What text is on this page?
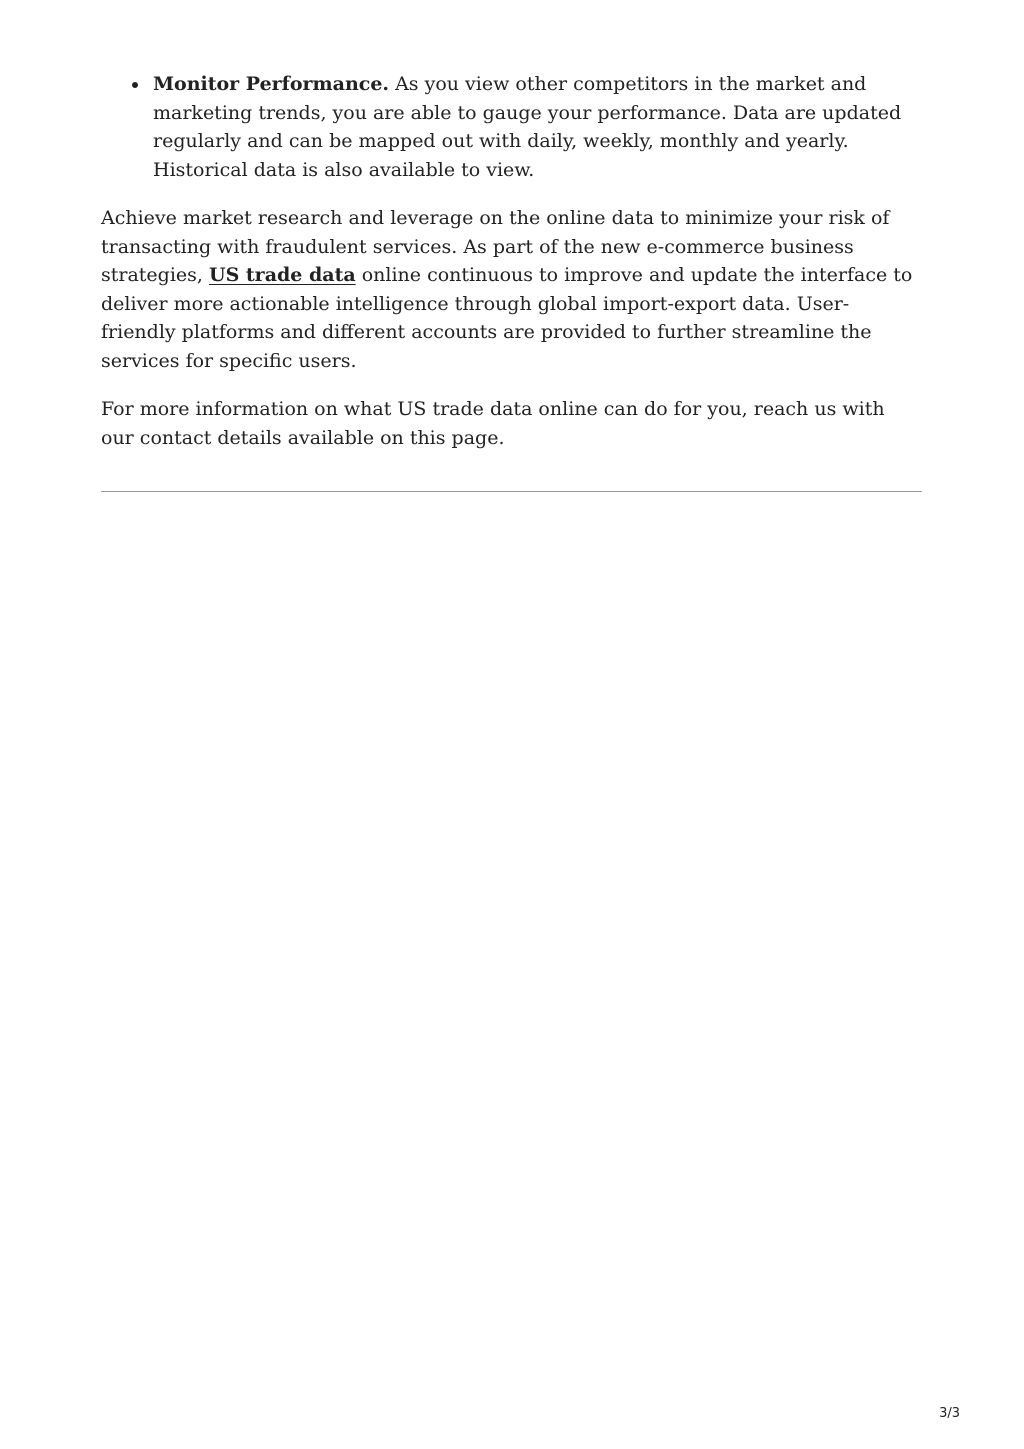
Monitor Performance. As you view other competitors in the market and marketing trends, you are able to gauge your performance. Data are updated regularly and can be mapped out with daily, weekly, monthly and yearly. Historical data is also available to view.

Achieve market research and leverage on the online data to minimize your risk of transacting with fraudulent services. As part of the new e-commerce business strategies, US trade data online continuous to improve and update the interface to deliver more actionable intelligence through global import-export data. User-friendly platforms and different accounts are provided to further streamline the services for specific users.

For more information on what US trade data online can do for you, reach us with our contact details available on this page.

3/3
